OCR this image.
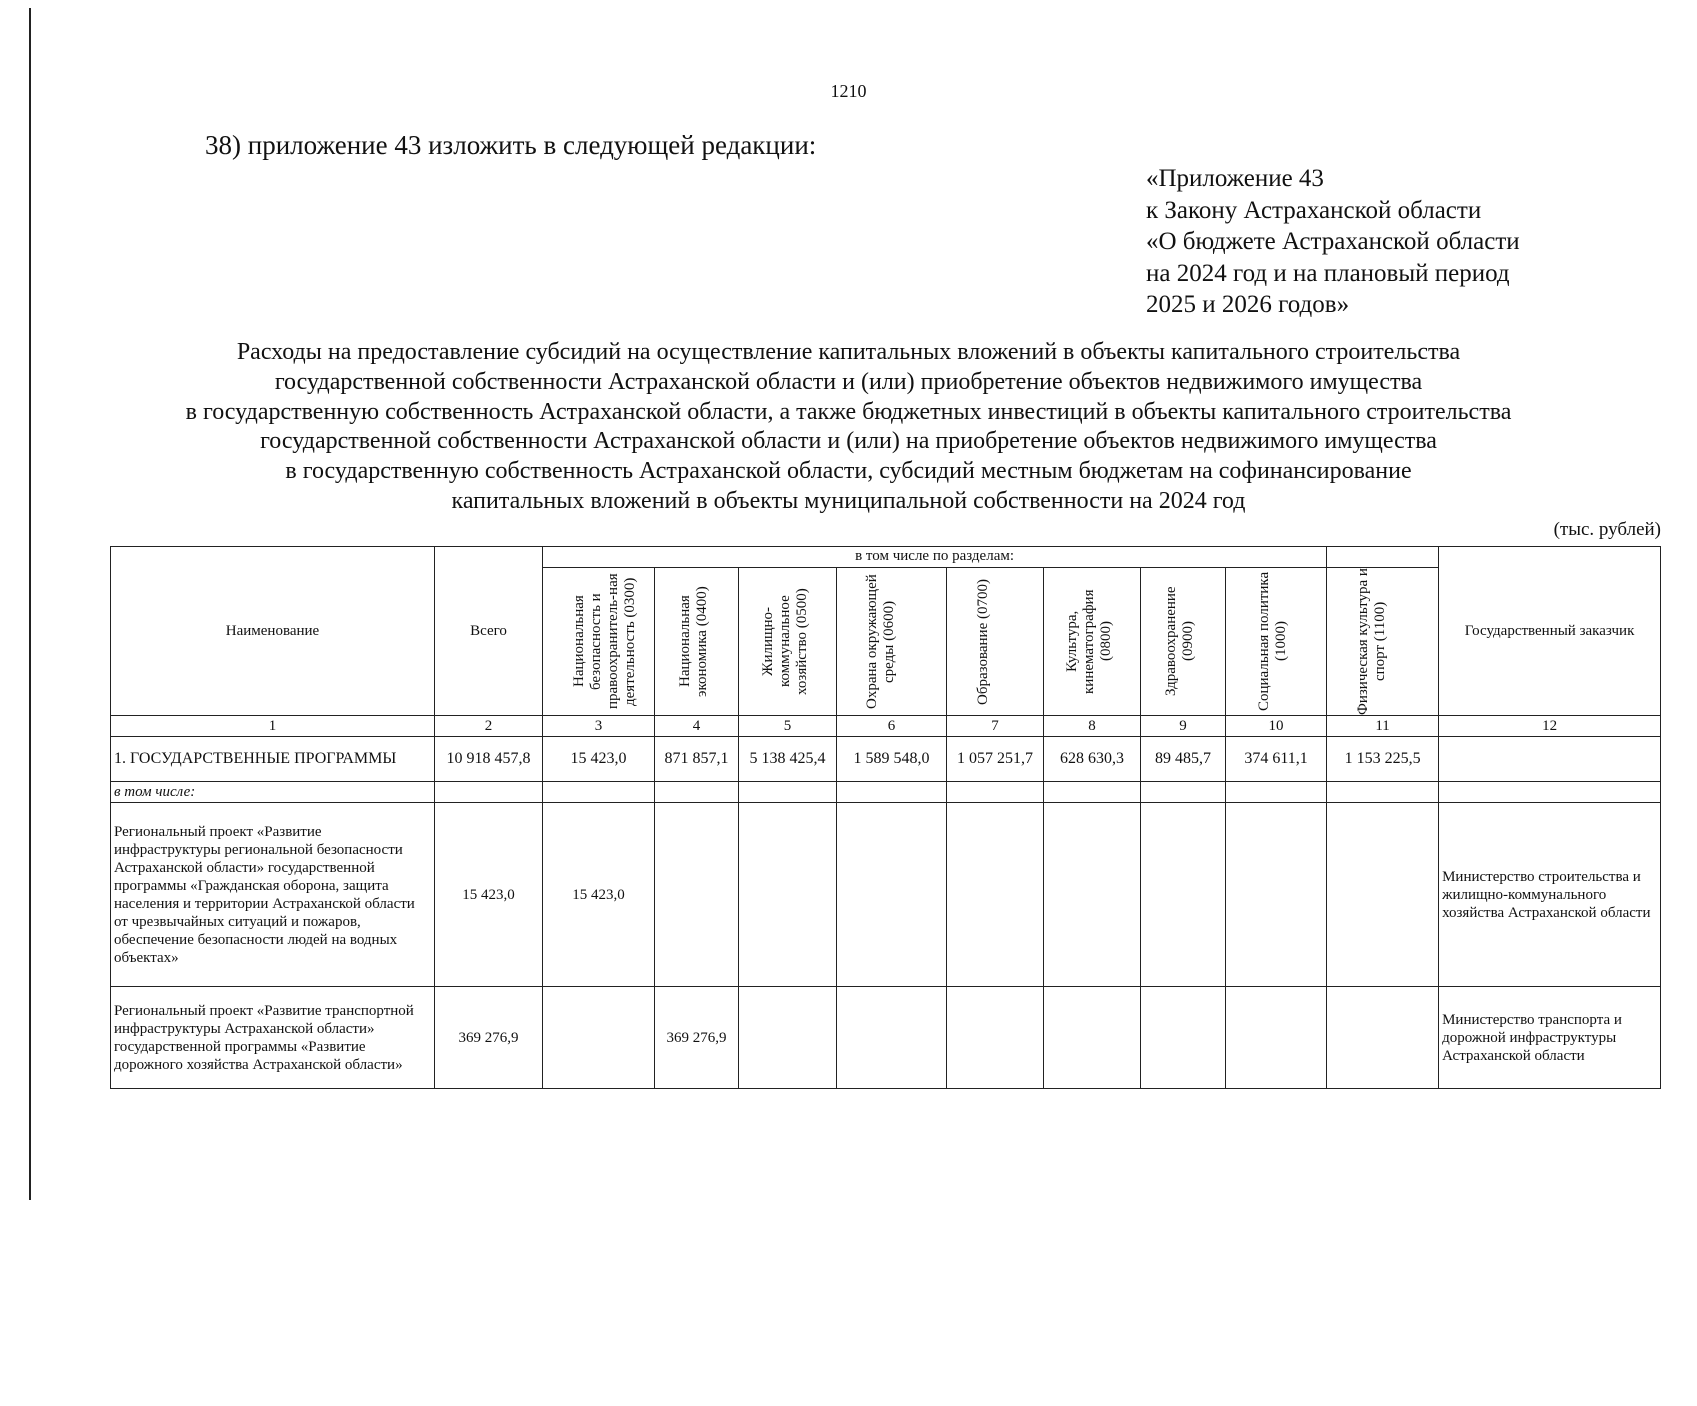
1210
38) приложение 43 изложить в следующей редакции:
«Приложение 43
к Закону Астраханской области
«О бюджете Астраханской области
на 2024 год и на плановый период
2025 и 2026 годов»
Расходы на предоставление субсидий на осуществление капитальных вложений в объекты капитального строительства
государственной собственности Астраханской области и (или) приобретение объектов недвижимого имущества
в государственную собственность Астраханской области, а также бюджетных инвестиций в объекты капитального строительства
государственной собственности Астраханской области и (или) на приобретение объектов недвижимого имущества
в государственную собственность Астраханской области, субсидий местным бюджетам на софинансирование
капитальных вложений в объекты муниципальной собственности на 2024 год
(тыс. рублей)
Наименование	Всего	в том числе по разделам:									Государственный заказчик

		Национальная безопасность и правоохранитель-ная деятельность (0300)	Национальная экономика (0400)	Жилищно-коммунальное хозяйство (0500)	Охрана окружающей среды (0600)	Образование (0700)	Культура, кинематография (0800)	Здравоохранение (0900)	Социальная политика (1000)	Физическая культура и спорт (1100)	

1	2	3	4	5	6	7	8	9	10	11	12
1. ГОСУДАРСТВЕННЫЕ ПРОГРАММЫ	10 918 457,8	15 423,0	871 857,1	5 138 425,4	1 589 548,0	1 057 251,7	628 630,3	89 485,7	374 611,1	1 153 225,5	
в том числе:											
Региональный проект «Развитие инфраструктуры региональной безопасности Астраханской области» государственной программы «Гражданская оборона, защита населения и территории Астраханской области от чрезвычайных ситуаций и пожаров, обеспечение безопасности людей на водных объектах»	15 423,0	15 423,0									Министерство строительства и жилищно-коммунального хозяйства Астраханской области
Региональный проект «Развитие транспортной инфраструктуры Астраханской области» государственной программы «Развитие дорожного хозяйства Астраханской области»	369 276,9		369 276,9								Министерство транспорта и дорожной инфраструктуры Астраханской области
